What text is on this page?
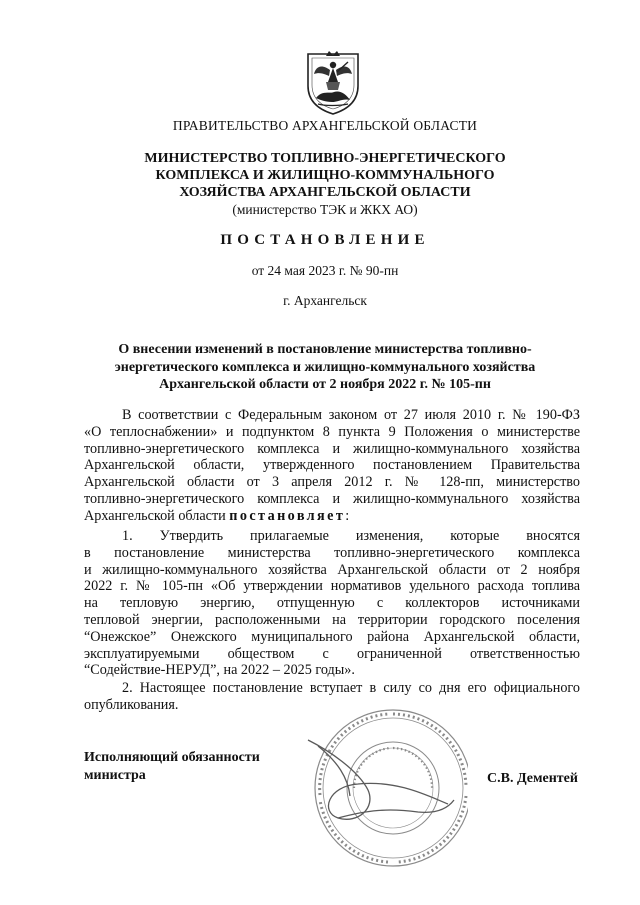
ПРАВИТЕЛЬСТВО АРХАНГЕЛЬСКОЙ ОБЛАСТИ
МИНИСТЕРСТВО ТОПЛИВНО-ЭНЕРГЕТИЧЕСКОГО
КОМПЛЕКСА И ЖИЛИЩНО-КОММУНАЛЬНОГО
ХОЗЯЙСТВА АРХАНГЕЛЬСКОЙ ОБЛАСТИ
(министерство ТЭК и ЖКХ АО)
ПОСТАНОВЛЕНИЕ
от 24 мая 2023 г. № 90-пн
г. Архангельск
О внесении изменений в постановление министерства топливно-
энергетического комплекса и жилищно-коммунального хозяйства
Архангельской области от 2 ноября 2022 г. № 105-пн
В соответствии с Федеральным законом от 27 июля 2010 г. № 190-ФЗ
«О теплоснабжении» и подпунктом 8 пункта 9 Положения о министерстве
топливно-энергетического комплекса и жилищно-коммунального хозяйства
Архангельской области, утвержденного постановлением Правительства
Архангельской области от 3 апреля 2012 г. № 128-пп, министерство
топливно-энергетического комплекса и жилищно-коммунального хозяйства
Архангельской области постановляет:
1. Утвердить прилагаемые изменения, которые вносятся
в постановление министерства топливно-энергетического комплекса
и жилищно-коммунального хозяйства Архангельской области от 2 ноября
2022 г. № 105-пн «Об утверждении нормативов удельного расхода топлива
на тепловую энергию, отпущенную с коллекторов источниками
тепловой энергии, расположенными на территории городского поселения
“Онежское” Онежского муниципального района Архангельской области,
эксплуатируемыми обществом с ограниченной ответственностью
“Содействие-НЕРУД”, на 2022 – 2025 годы».
2. Настоящее постановление вступает в силу со дня его официального
опубликования.
Исполняющий обязанности
министра	С.В. Дементей
